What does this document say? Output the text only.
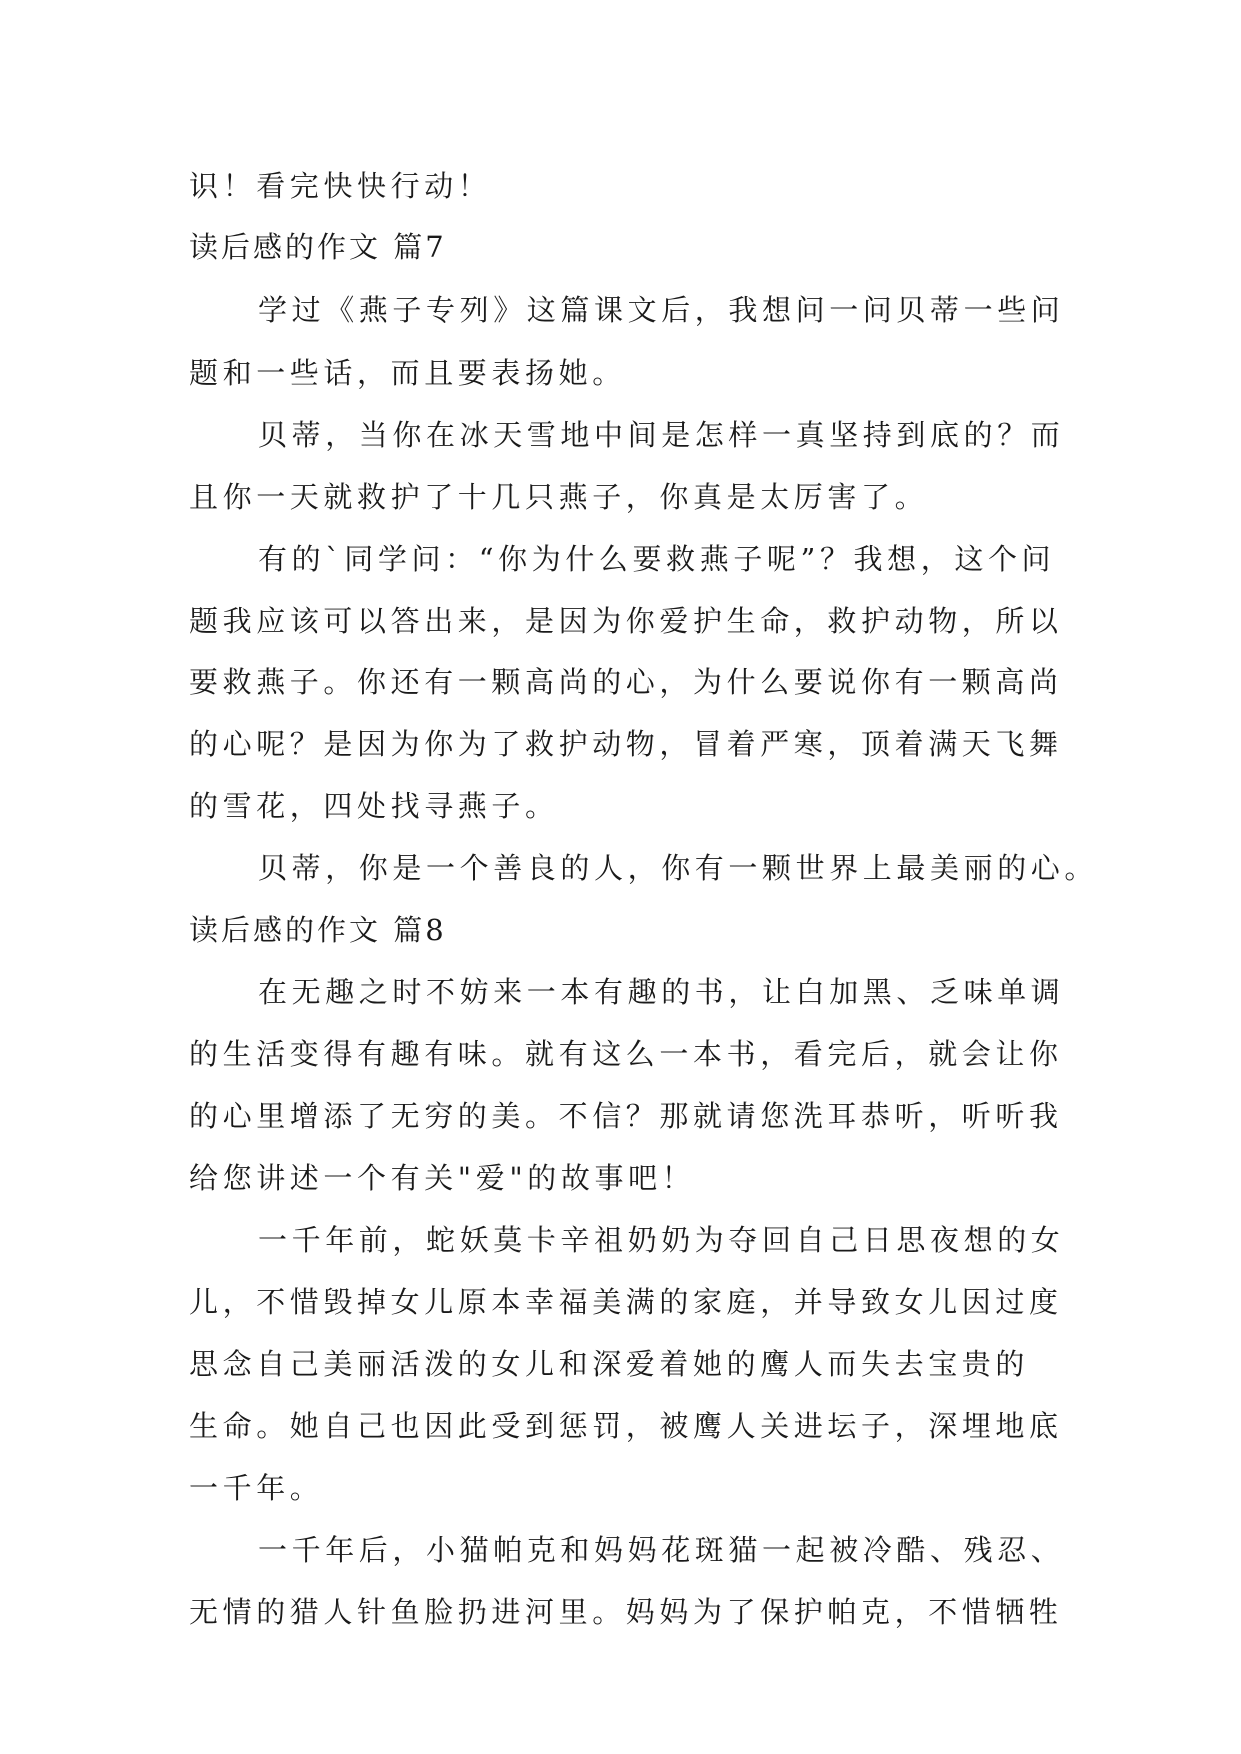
识！看完快快行动！
读后感的作文 篇7
学过《燕子专列》这篇课文后，我想问一问贝蒂一些问
题和一些话，而且要表扬她。
贝蒂，当你在冰天雪地中间是怎样一真坚持到底的？而
且你一天就救护了十几只燕子，你真是太厉害了。
有的`同学问：“你为什么要救燕子呢”？我想，这个问
题我应该可以答出来，是因为你爱护生命，救护动物，所以
要救燕子。你还有一颗高尚的心，为什么要说你有一颗高尚
的心呢？是因为你为了救护动物，冒着严寒，顶着满天飞舞
的雪花，四处找寻燕子。
贝蒂，你是一个善良的人，你有一颗世界上最美丽的心。
读后感的作文 篇8
在无趣之时不妨来一本有趣的书，让白加黑、乏味单调
的生活变得有趣有味。就有这么一本书，看完后，就会让你
的心里增添了无穷的美。不信？那就请您洗耳恭听，听听我
给您讲述一个有关"爱"的故事吧！
一千年前，蛇妖莫卡辛祖奶奶为夺回自己日思夜想的女
儿，不惜毁掉女儿原本幸福美满的家庭，并导致女儿因过度
思念自己美丽活泼的女儿和深爱着她的鹰人而失去宝贵的
生命。她自己也因此受到惩罚，被鹰人关进坛子，深埋地底
一千年。
一千年后，小猫帕克和妈妈花斑猫一起被冷酷、残忍、
无情的猎人针鱼脸扔进河里。妈妈为了保护帕克，不惜牺牲
